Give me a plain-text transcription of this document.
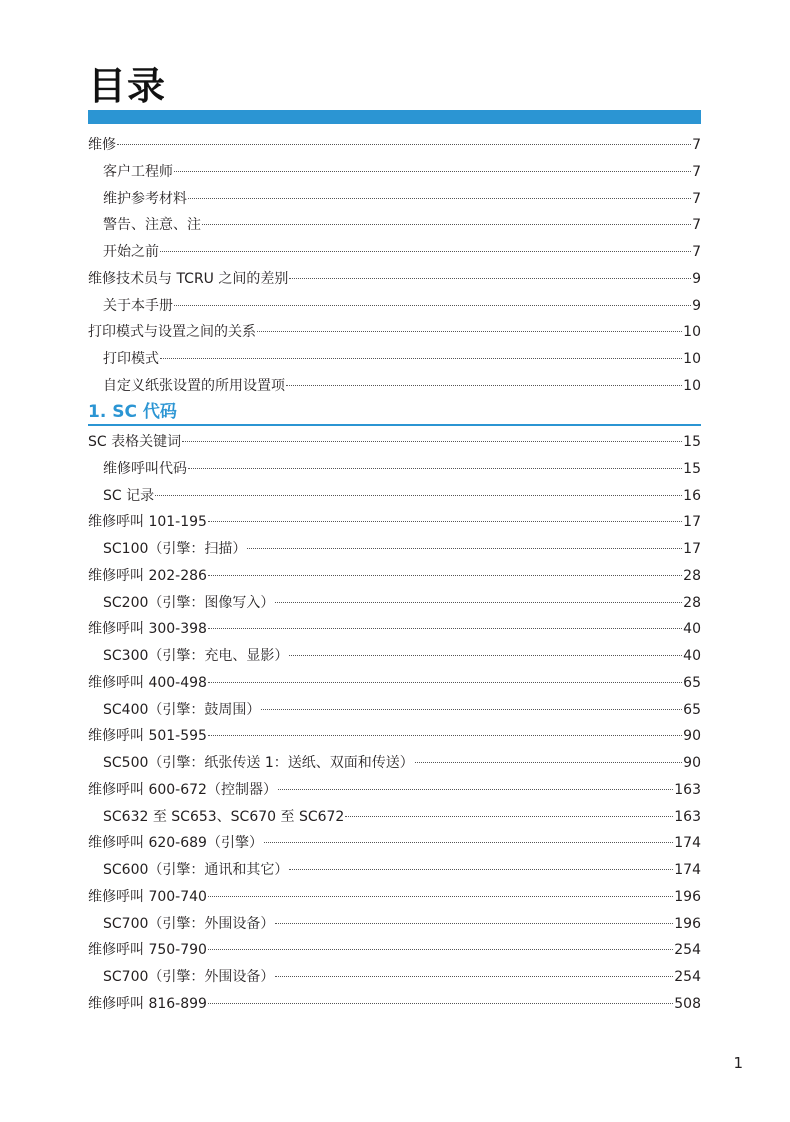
目录
维修	7
客户工程师	7
维护参考材料	7
警告、注意、注	7
开始之前	7
维修技术员与 TCRU 之间的差别	9
关于本手册	9
打印模式与设置之间的关系	10
打印模式	10
自定义纸张设置的所用设置项	10
1. SC 代码
SC 表格关键词	15
维修呼叫代码	15
SC 记录	16
维修呼叫 101-195	17
SC100（引擎：扫描）	17
维修呼叫 202-286	28
SC200（引擎：图像写入）	28
维修呼叫 300-398	40
SC300（引擎：充电、显影）	40
维修呼叫 400-498	65
SC400（引擎：鼓周围）	65
维修呼叫 501-595	90
SC500（引擎：纸张传送 1：送纸、双面和传送）	90
维修呼叫 600-672（控制器）	163
SC632 至 SC653、SC670 至 SC672	163
维修呼叫 620-689（引擎）	174
SC600（引擎：通讯和其它）	174
维修呼叫 700-740	196
SC700（引擎：外围设备）	196
维修呼叫 750-790	254
SC700（引擎：外围设备）	254
维修呼叫 816-899	508
1
